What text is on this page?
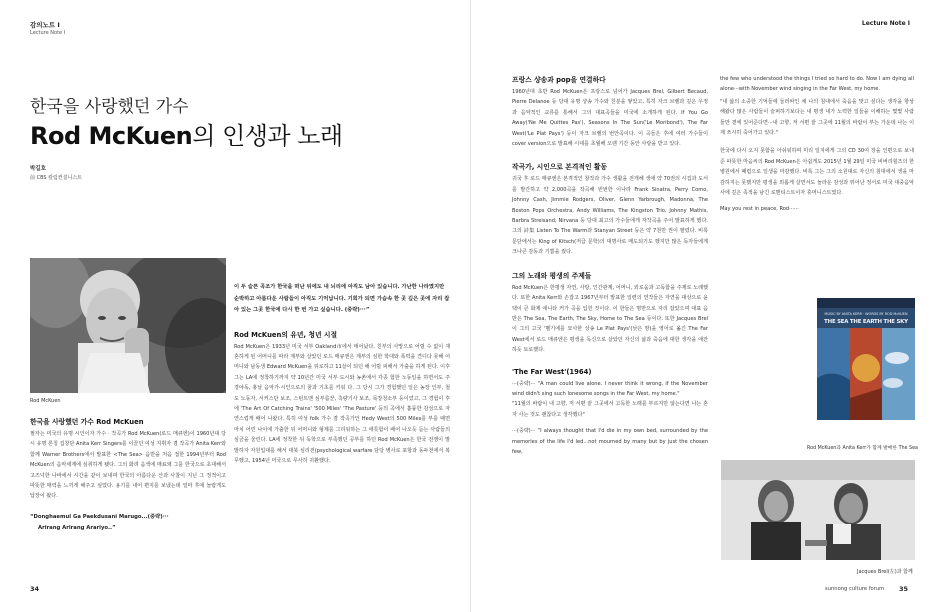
감의노트 I
Lecture Note I
한국을 사랑했던 가수
Rod McKuen의 인생과 노래
박길호
前 CBS 칼럼컨설니스트
Rod McKuen
한국을 사랑했던 가수 Rod McKuen
필자는 미국의 유명 시인이자 가수 · 작곡가 Rod McKuen(로드 매큐엔)이 1960년대 당시 유명 론칭 집창단 Anita Kerr Singers를 이끌던 여성 지휘자 겸 작곡가 Anita Kerr와 함께 Warner Brothers에서 발표한 <The Sea> 음반을 처음 접한 1994년부터 Rod McKuen의 음악세계에 심취하게 됐다. 그의 화려 음색에 매료돼 그를 한국으로 초대해서 고즈넉한 나바에서 시간을 같이 보내며 한국의 아름다운 산과 사찰이 지닌 그 정적이고 따뜻한 매력을 느끼게 해주고 싶었다. 용기를 내어 편지를 보냈는데 얼마 후에 놀랍게도 답장이 왔다.
“Donghaemul Ga Paekdusani Marugo...(중략)···
Arirang Arirang Arariyo..”
이 두 슬픈 곡조가 한국을 떠난 뒤에도 내 뇌리에 아직도 남아 있습니다. 가난한 나라였지만 순박하고 아름다운 사람들이 아직도 기억납니다. 기회가 되면 가슴속 한 곳 깊은 곳에 자리 잡아 있는 그곳 한국에 다시 한 번 가고 싶습니다. (중략)···”
Rod McKuen의 유년, 청년 시절
Rod McKuen은 1933년 미국 서부 Oakland市에서 태어났다. 친부의 사망으로 어릴 수 없이 재혼하게 된 어머니를 따라 계부와 살았던 로드 매큐엔은 계부의 심한 학대와 폭력을 견디다 못해 어머니와 남동생 Edward McKuen을 뒤로하고 11살이 되던 해 어릴 피해서 가출을 하게 된다. 이후 그는 LA에 정착하기까지 약 10년간 미국 서부 도시와 농촌에서 각종 험한 노동일을 하면서도 주경야독, 홍날 음악가·시인으로의 꿈과 기초를 키워 다. 그 당시 그가 경험했던 일은 농장 인부, 철도 노동자, 서커스단 보조, 스턴트맨 심부름꾼, 측량기사 보조, 목장청소부 등이었고, 그 경험이 후에 'The Art Of Catching Trains' '500 Miles' 'The Pasture' 등의 곡에서 훌륭한 감성으로 자연스럽게 배어 나왔다. 특히 여성 folk 가수 겸 작곡가인 Hedy West의 500 Miles를 부를 때면 마치 어린 나이에 가출한 뒤 어머니와 형제를 그리워하는 그 애틋함이 배어 나오듯 듣는 사람들의 심금을 울린다. LA에 정착한 뒤 독학으로 부족했던 공부를 하던 Rod McKuen은 한국 전쟁이 발발하자 자원입대를 해서 대북 심리전(psychological warfare 담당 병사로 포항과 동두천에서 복무했고, 1954년 미국으로 무사히 귀환했다.
34
Lecture Note I
프랑스 샹송과 pop을 연결하다
1960년대 초반 Rod McKuen은 프랑스로 넘어가 Jacques Brel, Gilbert Becaud, Pierre Delanoe 등 당대 유명 샹송 가수와 친분을 쌓았고, 특히 자크 브렐과 깊은 우정과 음악적인 교류를 통해서 그의 대표곡들을 미국에 소개하게 된다. If You Go Away('Ne Me Quittes Pas'), Seasons In The Sun('Le Moribond'), The Far West('Le Plat Pays') 등이 자크 브렐의 번안곡이다. 이 곡들은 후에 여러 가수들이 cover version으로 발표해 시대를 초월해 오랜 기간 동안 사랑을 받고 있다.
작곡가, 시인으로 본격적인 활동
귀국 후 로드 매큐엔은 본격적인 창작과 가수 생활을 전개해 생애 약 70권의 시집과 도서를 발간하고 약 2,000곡을 작곡해 빈번한 이나라 Frank Sinatra, Perry Como, Johnny Cash, Jimmie Rodgers, Oliver, Glenn Yarbrough, Madonna, The Boston Pops Orchestra, Andy Williams, The Kingston Trio, Johnny Mathis, Barbra Streisand, Nirvana 등 당대 최고의 가수들에게 자작곡을 주어 발표하게 했다. 그의 詩集 Listen To The Warm과 Stanyan Street 등은 약 7천만 권이 팔렸다. 비록 문단에서는 King of Kitsch(저급 문학)의 대명사로 매도되기도 했지만 많은 독자들에게 크나큰 감동과 기쁨을 줬다.
그의 노래와 평생의 주제들
Rod McKuen은 한평생 자연, 사랑, 인간관계, 어머니, 외로움과 고독함을 주제로 노래했다. 또한 Anita Kerr와 손잡고 1967년부터 발표한 일련의 연작들은 자연을 대상으로 윤택이 큰 화제 애니타 커가 곡을 입힌 것이다. 이 한들은 명반으로 자리 잡았으며 대표 음반은 The Sea, The Earth, The Sky, Home to The Sea 등이다. 또한 Jacques Brel이 그의 고국 '벨기에를 묘사한 상송 Le Plat Pays'(낮은 땅)을 영어로 옮긴 The Far West에서 로드 매큐엔은 평생을 독신으로 살았던 자신의 삶과 죽음에 대한 생각을 애잔하듯 토로했다.
'The Far West'(1964)
···(중략)··· "A man could live alone. I never think it wrong, if the November wind didn't sing such lonesome songs in the Far West, my home."
"11월의 바람이 내 고향, 저 서편 끝 그곳에서 고독한 노래를 부르지만 않는다면 나는 혼자 사는 것도 괜찮다고 생각했다"
···(중략)··· "I always thought that I'd die in my own bed, surrounded by the memories of the life I'd led...not mourned by many but by just the chosen few,
the few who understood the things I tried so hard to do. Now I am dying all alone···with November wind singing in the Far West, my home.
"내 삶의 소중한 기억들에 둘러싸인 채 나의 침대에서 죽음을 맞고 싶다는 생각을 항상 해왔다 많은 사람들이 슬퍼하기보다는 내 평생 내가 노력한 일들을 이해하는 몇몇 사람들만 곁에 있어준다면···내 고향, 저 서편 끝 그곳에 11월의 바람이 부는 가운데 나는 이제 쓰시히 죽어가고 있다."
한국에 다시 오지 못함을 아쉬워하며 미리 일지에게 그의 CD 30여 장을 인편으로 보내준 따뜻한 마음씨의 Rod McKuen은 아쉽게도 2015년 1월 29일 미국 비버리힐즈의 한 병원에서 폐렴으로 일생을 마감했다. 비록 그는 그의 소원대로 자신의 침대에서 생을 마감하지는 못했지만 평생을 외롭게 살면서도 놀라운 감성과 뛰어난 정서로 미국 대중음악사에 깊은 족적을 남긴 로맨티스트이자 휴머니스트였다.
May you rest in peace, Rod······
MUSIC BY ANITA KERR · WORDS BY ROD McKUEN
THE SEA THE EARTH THE SKY
Rod McKuen과 Anita Kerr가 함께 발매한 The Sea
Jacques Brel(左)과 함께
sunnong culture forum 35
